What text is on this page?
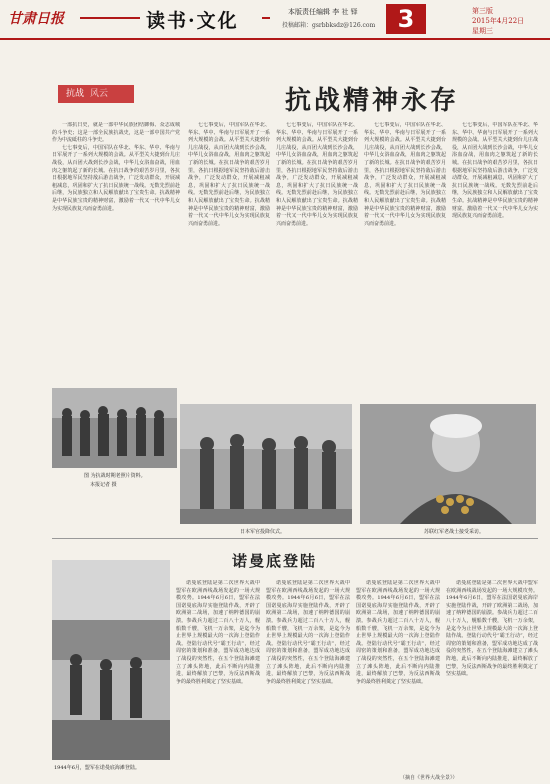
甘肃日报	读书·文化	本版责任编辑 李 社 铎
投稿邮箱：gsrbbksdz@126.com 3	第三版
2015年4月22日
星期三
抗战 风云	抗战精神永存

一部抗日史，就是一部中华民族团结御侮、众志成城的斗争史；这是一部全民族抗战史，这是一部中国共产党作为中流砥柱的斗争史。

七七事变后，中国军队在华北、华东、华中、华南与日军展开了一系列大规模的会战。从平型关大捷到台儿庄战役，从百团大战到长沙会战，中华儿女浴血奋战，用血肉之躯筑起了新的长城。在抗日战争的艰苦岁月里，各抗日根据地军民坚持敌后游击战争，广泛发动群众，开展减租减息，巩固和扩大了抗日民族统一战线。无数先烈前赴后继，为民族独立和人民解放献出了宝贵生命。抗战精神是中华民族宝贵的精神财富，激励着一代又一代中华儿女为实现民族复兴而奋勇前进。

七七事变后，中国军队在华北、华东、华中、华南与日军展开了一系列大规模的会战。从平型关大捷到台儿庄战役，从百团大战到长沙会战，中华儿女浴血奋战，用血肉之躯筑起了新的长城。在抗日战争的艰苦岁月里，各抗日根据地军民坚持敌后游击战争，广泛发动群众，开展减租减息，巩固和扩大了抗日民族统一战线。无数先烈前赴后继，为民族独立和人民解放献出了宝贵生命。抗战精神是中华民族宝贵的精神财富，激励着一代又一代中华儿女为实现民族复兴而奋勇前进。

七七事变后，中国军队在华北、华东、华中、华南与日军展开了一系列大规模的会战。从平型关大捷到台儿庄战役，从百团大战到长沙会战，中华儿女浴血奋战，用血肉之躯筑起了新的长城。在抗日战争的艰苦岁月里，各抗日根据地军民坚持敌后游击战争，广泛发动群众，开展减租减息，巩固和扩大了抗日民族统一战线。无数先烈前赴后继，为民族独立和人民解放献出了宝贵生命。抗战精神是中华民族宝贵的精神财富，激励着一代又一代中华儿女为实现民族复兴而奋勇前进。

七七事变后，中国军队在华北、华东、华中、华南与日军展开了一系列大规模的会战。从平型关大捷到台儿庄战役，从百团大战到长沙会战，中华儿女浴血奋战，用血肉之躯筑起了新的长城。在抗日战争的艰苦岁月里，各抗日根据地军民坚持敌后游击战争，广泛发动群众，开展减租减息，巩固和扩大了抗日民族统一战线。无数先烈前赴后继，为民族独立和人民解放献出了宝贵生命。抗战精神是中华民族宝贵的精神财富，激励着一代又一代中华儿女为实现民族复兴而奋勇前进。

七七事变后，中国军队在华北、华东、华中、华南与日军展开了一系列大规模的会战。从平型关大捷到台儿庄战役，从百团大战到长沙会战，中华儿女浴血奋战，用血肉之躯筑起了新的长城。在抗日战争的艰苦岁月里，各抗日根据地军民坚持敌后游击战争，广泛发动群众，开展减租减息，巩固和扩大了抗日民族统一战线。无数先烈前赴后继，为民族独立和人民解放献出了宝贵生命。抗战精神是中华民族宝贵的精神财富，激励着一代又一代中华儿女为实现民族复兴而奋勇前进。

图 为抗战时期老照片资料。
本报记者 摄
日本军官投降仪式。	苏联红军老战士接受采访。
诺曼底登陆
1944年6月，盟军在诺曼底海滩登陆。

诺曼底登陆是第二次世界大战中盟军在欧洲西线战场发起的一场大规模攻势。1944年6月6日，盟军在法国诺曼底海岸实施登陆作战，开辟了欧洲第二战场，加速了纳粹德国的崩溃。参战兵力超过二百八十万人，舰船数千艘，飞机一万余架，是迄今为止世界上规模最大的一次海上登陆作战。登陆行动代号“霸王行动”，经过周密的策划和准备，盟军成功地达成了战役的突然性，在五个登陆海滩建立了滩头阵地，此后不断向内陆推进，最终解放了巴黎，为反法西斯战争的最终胜利奠定了坚实基础。

诺曼底登陆是第二次世界大战中盟军在欧洲西线战场发起的一场大规模攻势。1944年6月6日，盟军在法国诺曼底海岸实施登陆作战，开辟了欧洲第二战场，加速了纳粹德国的崩溃。参战兵力超过二百八十万人，舰船数千艘，飞机一万余架，是迄今为止世界上规模最大的一次海上登陆作战。登陆行动代号“霸王行动”，经过周密的策划和准备，盟军成功地达成了战役的突然性，在五个登陆海滩建立了滩头阵地，此后不断向内陆推进，最终解放了巴黎，为反法西斯战争的最终胜利奠定了坚实基础。

诺曼底登陆是第二次世界大战中盟军在欧洲西线战场发起的一场大规模攻势。1944年6月6日，盟军在法国诺曼底海岸实施登陆作战，开辟了欧洲第二战场，加速了纳粹德国的崩溃。参战兵力超过二百八十万人，舰船数千艘，飞机一万余架，是迄今为止世界上规模最大的一次海上登陆作战。登陆行动代号“霸王行动”，经过周密的策划和准备，盟军成功地达成了战役的突然性，在五个登陆海滩建立了滩头阵地，此后不断向内陆推进，最终解放了巴黎，为反法西斯战争的最终胜利奠定了坚实基础。

诺曼底登陆是第二次世界大战中盟军在欧洲西线战场发起的一场大规模攻势。1944年6月6日，盟军在法国诺曼底海岸实施登陆作战，开辟了欧洲第二战场，加速了纳粹德国的崩溃。参战兵力超过二百八十万人，舰船数千艘，飞机一万余架，是迄今为止世界上规模最大的一次海上登陆作战。登陆行动代号“霸王行动”，经过周密的策划和准备，盟军成功地达成了战役的突然性，在五个登陆海滩建立了滩头阵地，此后不断向内陆推进，最终解放了巴黎，为反法西斯战争的最终胜利奠定了坚实基础。

（摘自《世界大战全景》）
